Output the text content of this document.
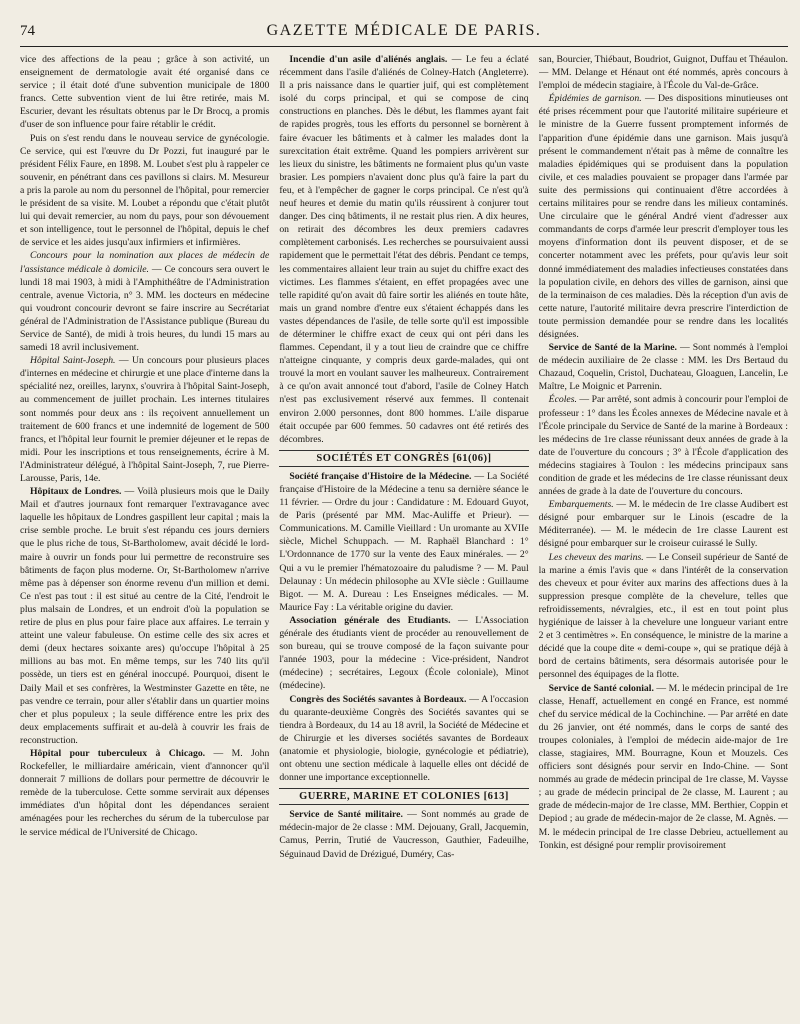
74	GAZETTE MÉDICALE DE PARIS.

vice des affections de la peau ; grâce à son activité, un enseignement de dermatologie avait été organisé dans ce service ; il était doté d'une subvention municipale de 1800 francs. Cette subvention vient de lui être retirée, mais M. Escurier, devant les résultats obtenus par le Dr Brocq, a promis d'user de son influence pour faire rétablir le crédit.

Puis on s'est rendu dans le nouveau service de gynécologie. Ce service, qui est l'œuvre du Dr Pozzi, fut inauguré par le président Félix Faure, en 1898. M. Loubet s'est plu à rappeler ce souvenir, en pénétrant dans ces pavillons si clairs. M. Mesureur a pris la parole au nom du personnel de l'hôpital, pour remercier le président de sa visite. M. Loubet a répondu que c'était plutôt lui qui devait remercier, au nom du pays, pour son dévouement et son intelligence, tout le personnel de l'hôpital, depuis le chef de service et les aides jusqu'aux infirmiers et infirmières.

Concours pour la nomination aux places de médecin de l'assistance médicale à domicile. — Ce concours sera ouvert le lundi 18 mai 1903, à midi à l'Amphithéâtre de l'Administration centrale, avenue Victoria, n° 3. MM. les docteurs en médecine qui voudront concourir devront se faire inscrire au Secrétariat général de l'Administration de l'Assistance publique (Bureau du Service de Santé), de midi à trois heures, du lundi 15 mars au samedi 18 avril inclusivement.

Hôpital Saint-Joseph. — Un concours pour plusieurs places d'internes en médecine et chirurgie et une place d'interne dans la spécialité nez, oreilles, larynx, s'ouvrira à l'hôpital Saint-Joseph, au commencement de juillet prochain. Les internes titulaires sont nommés pour deux ans : ils reçoivent annuellement un traitement de 600 francs et une indemnité de logement de 500 francs, et l'hôpital leur fournit le premier déjeuner et le repas de midi. Pour les inscriptions et tous renseignements, écrire à M. l'Administrateur délégué, à l'hôpital Saint-Joseph, 7, rue Pierre-Larousse, Paris, 14e.

Hôpitaux de Londres. — Voilà plusieurs mois que le Daily Mail et d'autres journaux font remarquer l'extravagance avec laquelle les hôpitaux de Londres gaspillent leur capital ; mais la crise semble proche. Le bruit s'est répandu ces jours derniers que le plus riche de tous, St-Bartholomew, avait décidé le lord-maire à ouvrir un fonds pour lui permettre de reconstruire ses bâtiments de façon plus moderne. Or, St-Bartholomew n'arrive même pas à dépenser son énorme revenu d'un million et demi. Ce n'est pas tout : il est situé au centre de la Cité, l'endroit le plus malsain de Londres, et un endroit d'où la population se retire de plus en plus pour faire place aux affaires. Le terrain y atteint une valeur fabuleuse. On estime celle des six acres et demi (deux hectares soixante ares) qu'occupe l'hôpital à 25 millions au bas mot. En même temps, sur les 740 lits qu'il possède, un tiers est en général inoccupé. Pourquoi, disent le Daily Mail et ses confrères, la Westminster Gazette en tête, ne pas vendre ce terrain, pour aller s'établir dans un quartier moins cher et plus populeux ; la seule différence entre les prix des deux emplacements suffirait et au-delà à couvrir les frais de reconstruction.

Hôpital pour tuberculeux à Chicago. — M. John Rockefeller, le milliardaire américain, vient d'annoncer qu'il donnerait 7 millions de dollars pour permettre de découvrir le remède de la tuberculose. Cette somme servirait aux dépenses immédiates d'un hôpital dont les dépendances seraient aménagées pour les recherches du sérum de la tuberculose par le service médical de l'Université de Chicago.

Incendie d'un asile d'aliénés anglais. — Le feu a éclaté récemment dans l'asile d'aliénés de Colney-Hatch (Angleterre). Il a pris naissance dans le quartier juif, qui est complètement isolé du corps principal, et qui se compose de cinq constructions en planches. Dès le début, les flammes ayant fait de rapides progrès, tous les efforts du personnel se bornèrent à faire évacuer les bâtiments et à calmer les malades dont la surexcitation était extrême. Quand les pompiers arrivèrent sur les lieux du sinistre, les bâtiments ne formaient plus qu'un vaste brasier. Les pompiers n'avaient donc plus qu'à faire la part du feu, et à l'empêcher de gagner le corps principal. Ce n'est qu'à neuf heures et demie du matin qu'ils réussirent à conjurer tout danger. Des cinq bâtiments, il ne restait plus rien. A dix heures, on retirait des décombres les deux premiers cadavres complètement carbonisés. Les recherches se poursuivaient aussi rapidement que le permettait l'état des débris. Pendant ce temps, les commentaires allaient leur train au sujet du chiffre exact des victimes. Les flammes s'étaient, en effet propagées avec une telle rapidité qu'on avait dû faire sortir les aliénés en toute hâte, mais un grand nombre d'entre eux s'étaient échappés dans les vastes dépendances de l'asile, de telle sorte qu'il est impossible de déterminer le chiffre exact de ceux qui ont péri dans les flammes. Cependant, il y a tout lieu de craindre que ce chiffre n'atteigne cinquante, y compris deux garde-malades, qui ont trouvé la mort en voulant sauver les malheureux. Contrairement à ce qu'on avait annoncé tout d'abord, l'asile de Colney Hatch n'est pas exclusivement réservé aux femmes. Il contenait environ 2.000 personnes, dont 800 hommes. L'aile disparue était occupée par 600 femmes. 50 cadavres ont été retirés des décombres.

SOCIÉTÉS ET CONGRÈS [61(06)]

Société française d'Histoire de la Médecine. — La Société française d'Histoire de la Médecine a tenu sa dernière séance le 11 février. — Ordre du jour : Candidature : M. Edouard Guyot, de Paris (présenté par MM. Mac-Auliffe et Prieur). — Communications. M. Camille Vieillard : Un uromante au XVIIe siècle, Michel Schuppach. — M. Raphaël Blanchard : 1° L'Ordonnance de 1770 sur la vente des Eaux minérales. — 2° Qui a vu le premier l'hématozoaire du paludisme ? — M. Paul Delaunay : Un médecin philosophe au XVIe siècle : Guillaume Bigot. — M. A. Dureau : Les Enseignes médicales. — M. Maurice Fay : La véritable origine du davier.

Association générale des Etudiants. — L'Association générale des étudiants vient de procéder au renouvellement de son bureau, qui se trouve composé de la façon suivante pour l'année 1903, pour la médecine : Vice-président, Nandrot (médecine) ; secrétaires, Legoux (École coloniale), Minot (médecine).

Congrès des Sociétés savantes à Bordeaux. — A l'occasion du quarante-deuxième Congrès des Sociétés savantes qui se tiendra à Bordeaux, du 14 au 18 avril, la Société de Médecine et de Chirurgie et les diverses sociétés savantes de Bordeaux (anatomie et physiologie, biologie, gynécologie et pédiatrie), ont obtenu une section médicale à laquelle elles ont décidé de donner une importance exceptionnelle.

GUERRE, MARINE ET COLONIES [613]

Service de Santé militaire. — Sont nommés au grade de médecin-major de 2e classe : MM. Dejouany, Grall, Jacquemin, Camus, Perrin, Trutié de Vaucresson, Gauthier, Fadeuilhe, Séguinaud David de Drézigué, Duméry, Cas-

san, Bourcier, Thiébaut, Boudriot, Guignot, Duffau et Théaulon. — MM. Delange et Hénaut ont été nommés, après concours à l'emploi de médecin stagiaire, à l'École du Val-de-Grâce.

Épidémies de garnison. — Des dispositions minutieuses ont été prises récemment pour que l'autorité militaire supérieure et le ministre de la Guerre fussent promptement informés de l'apparition d'une épidémie dans une garnison. Mais jusqu'à présent le commandement n'était pas à même de connaître les maladies épidémiques qui se produisent dans la population civile, et ces maladies pouvaient se propager dans l'armée par suite des permissions qui continuaient d'être accordées à certains militaires pour se rendre dans les milieux contaminés. Une circulaire que le général André vient d'adresser aux commandants de corps d'armée leur prescrit d'employer tous les moyens d'information dont ils peuvent disposer, et de se concerter notamment avec les préfets, pour qu'avis leur soit donné immédiatement des maladies infectieuses constatées dans la population civile, en dehors des villes de garnison, ainsi que de la terminaison de ces maladies. Dès la réception d'un avis de cette nature, l'autorité militaire devra prescrire l'interdiction de toute permission demandée pour se rendre dans les localités désignées.

Service de Santé de la Marine. — Sont nommés à l'emploi de médecin auxiliaire de 2e classe : MM. les Drs Bertaud du Chazaud, Coquelin, Cristol, Duchateau, Gloaguen, Lancelin, Le Maître, Le Moignic et Parrenin.

Écoles. — Par arrêté, sont admis à concourir pour l'emploi de professeur : 1° dans les Écoles annexes de Médecine navale et à l'École principale du Service de Santé de la marine à Bordeaux : les médecins de 1re classe réunissant deux années de grade à la date de l'ouverture du concours ; 3° à l'École d'application des médecins stagiaires à Toulon : les médecins principaux sans condition de grade et les médecins de 1re classe réunissant deux années de grade à la date de l'ouverture du concours.

Embarquements. — M. le médecin de 1re classe Audibert est désigné pour embarquer sur le Linois (escadre de la Méditerranée). — M. le médecin de 1re classe Laurent est désigné pour embarquer sur le croiseur cuirassé le Sully.

Les cheveux des marins. — Le Conseil supérieur de Santé de la marine a émis l'avis que « dans l'intérêt de la conservation des cheveux et pour éviter aux marins des affections dues à la suppression presque complète de la chevelure, telles que refroidissements, névralgies, etc., il est en tout point plus hygiénique de laisser à la chevelure une longueur variant entre 2 et 3 centimètres ». En conséquence, le ministre de la marine a décidé que la coupe dite « demi-coupe », qui se pratique déjà à bord de certains bâtiments, sera désormais autorisée pour le personnel des équipages de la flotte.

Service de Santé colonial. — M. le médecin principal de 1re classe, Henaff, actuellement en congé en France, est nommé chef du service médical de la Cochinchine. — Par arrêté en date du 26 janvier, ont été nommés, dans le corps de santé des troupes coloniales, à l'emploi de médecin aide-major de 1re classe, stagiaires, MM. Bourragne, Koun et Mouzels. Ces officiers sont désignés pour servir en Indo-Chine. — Sont nommés au grade de médecin principal de 1re classe, M. Vaysse ; au grade de médecin principal de 2e classe, M. Laurent ; au grade de médecin-major de 1re classe, MM. Berthier, Coppin et Depiod ; au grade de médecin-major de 2e classe, M. Agnès. — M. le médecin principal de 1re classe Debrieu, actuellement au Tonkin, est désigné pour remplir provisoirement
